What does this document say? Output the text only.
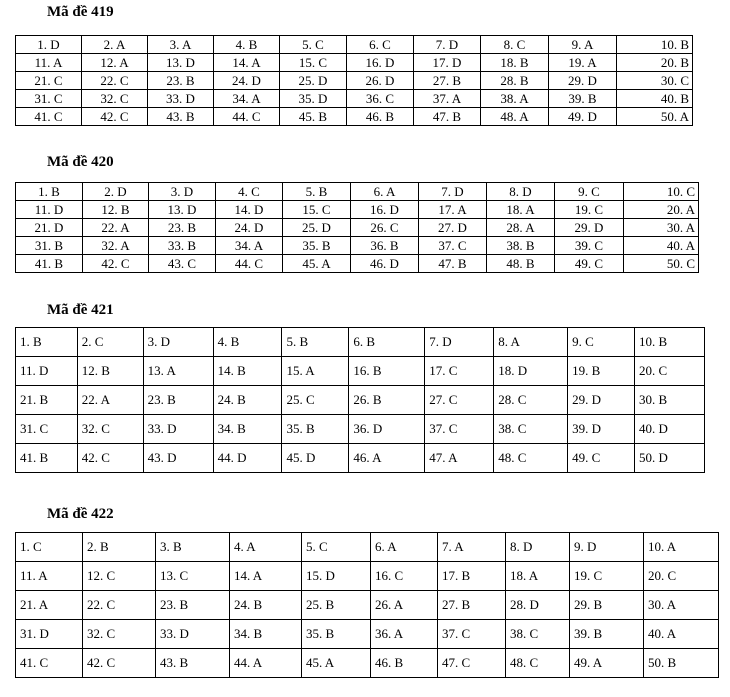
Mã đề 419
1. D	2. A	3. A	4. B	5. C	6. C	7. D	8. C	9. A	10. B
11. A	12. A	13. D	14. A	15. C	16. D	17. D	18. B	19. A	20. B
21. C	22. C	23. B	24. D	25. D	26. D	27. B	28. B	29. D	30. C
31. C	32. C	33. D	34. A	35. D	36. C	37. A	38. A	39. B	40. B
41. C	42. C	43. B	44. C	45. B	46. B	47. B	48. A	49. D	50. A
Mã đề 420
1. B	2. D	3. D	4. C	5. B	6. A	7. D	8. D	9. C	10. C
11. D	12. B	13. D	14. D	15. C	16. D	17. A	18. A	19. C	20. A
21. D	22. A	23. B	24. D	25. D	26. C	27. D	28. A	29. D	30. A
31. B	32. A	33. B	34. A	35. B	36. B	37. C	38. B	39. C	40. A
41. B	42. C	43. C	44. C	45. A	46. D	47. B	48. B	49. C	50. C
Mã đề 421
1. B	2. C	3. D	4. B	5. B	6. B	7. D	8. A	9. C	10. B
11. D	12. B	13. A	14. B	15. A	16. B	17. C	18. D	19. B	20. C
21. B	22. A	23. B	24. B	25. C	26. B	27. C	28. C	29. D	30. B
31. C	32. C	33. D	34. B	35. B	36. D	37. C	38. C	39. D	40. D
41. B	42. C	43. D	44. D	45. D	46. A	47. A	48. C	49. C	50. D
Mã đề 422
1. C	2. B	3. B	4. A	5. C	6. A	7. A	8. D	9. D	10. A
11. A	12. C	13. C	14. A	15. D	16. C	17. B	18. A	19. C	20. C
21. A	22. C	23. B	24. B	25. B	26. A	27. B	28. D	29. B	30. A
31. D	32. C	33. D	34. B	35. B	36. A	37. C	38. C	39. B	40. A
41. C	42. C	43. B	44. A	45. A	46. B	47. C	48. C	49. A	50. B
